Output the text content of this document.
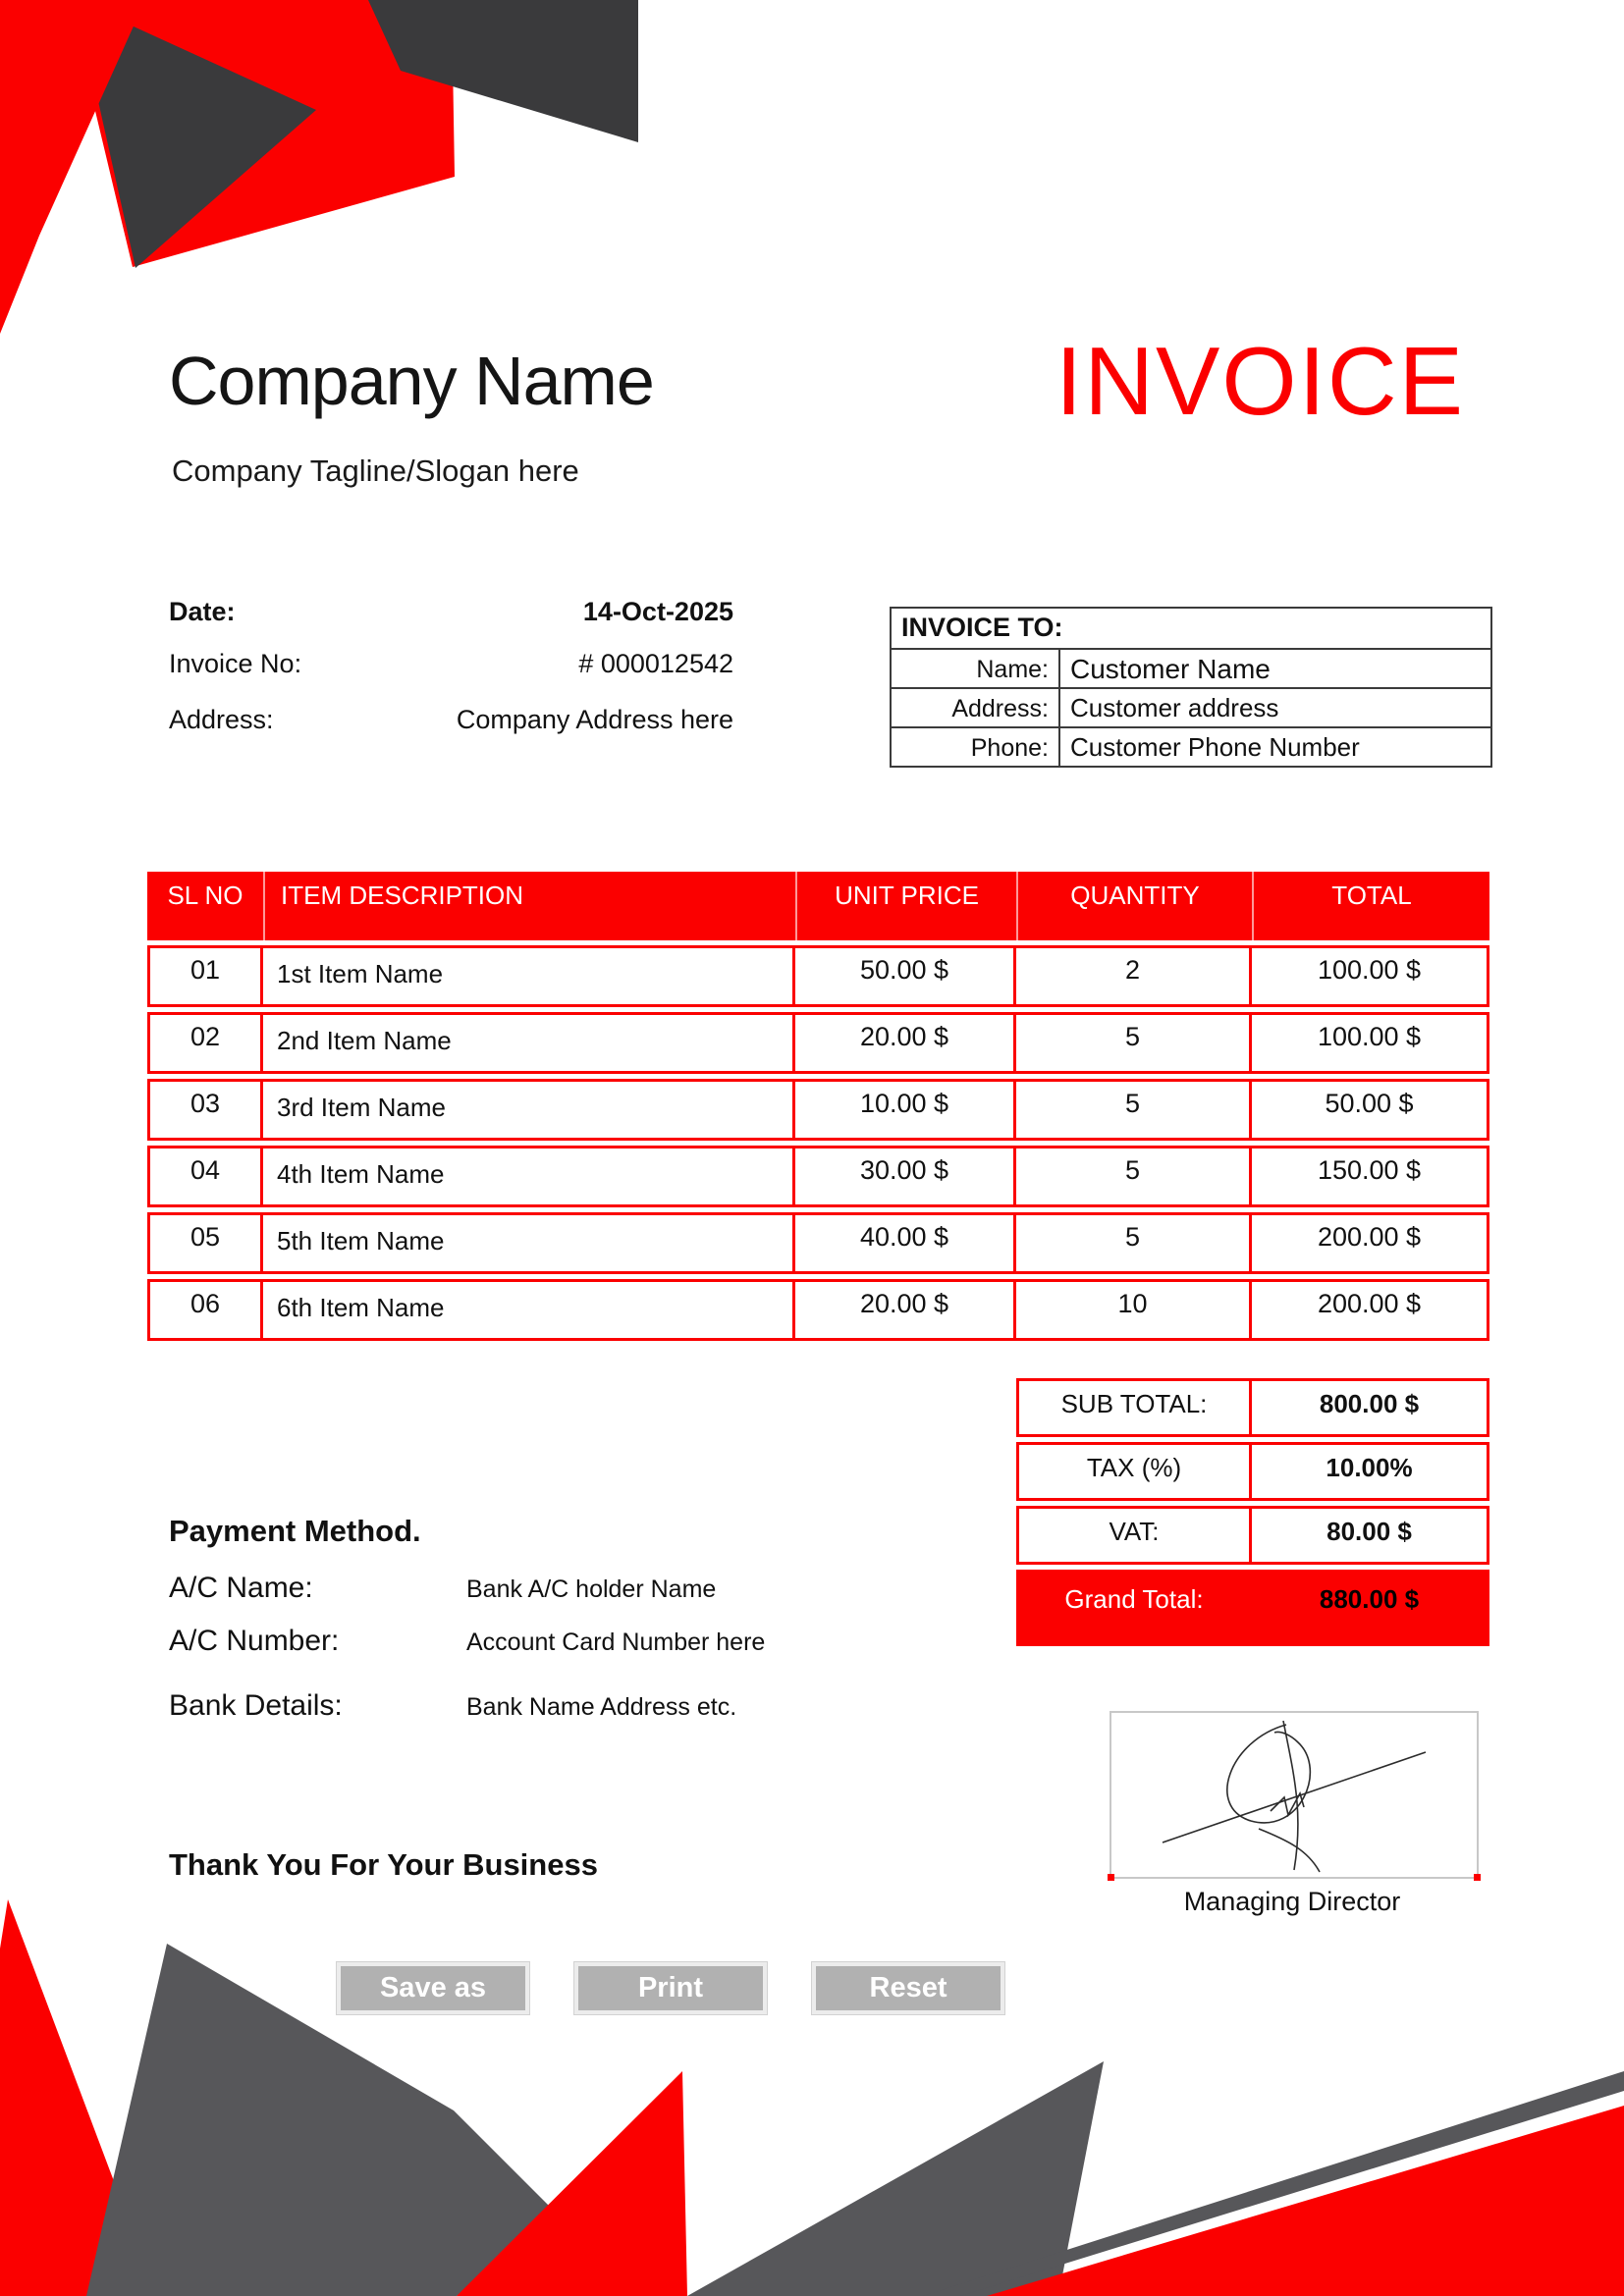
Company Name
Company Tagline/Slogan here
INVOICE
Date:	14-Oct-2025
Invoice No:	# 000012542
Address:	Company Address here
INVOICE TO:
Name: Customer Name
Address: Customer address
Phone: Customer Phone Number
SL NO	ITEM DESCRIPTION	UNIT PRICE	QUANTITY	TOTAL
01	1st Item Name	50.00 $	2	100.00 $
02	2nd Item Name	20.00 $	5	100.00 $
03	3rd Item Name	10.00 $	5	50.00 $
04	4th Item Name	30.00 $	5	150.00 $
05	5th Item Name	40.00 $	5	200.00 $
06	6th Item Name	20.00 $	10	200.00 $
SUB TOTAL:	800.00 $
TAX (%)	10.00%
VAT:	80.00 $
Grand Total:	880.00 $
Payment Method.
A/C Name:	Bank A/C holder Name
A/C Number:	Account Card Number here
Bank Details:	Bank Name Address etc.
Thank You For Your Business
Managing Director
Save as	Print	Reset
